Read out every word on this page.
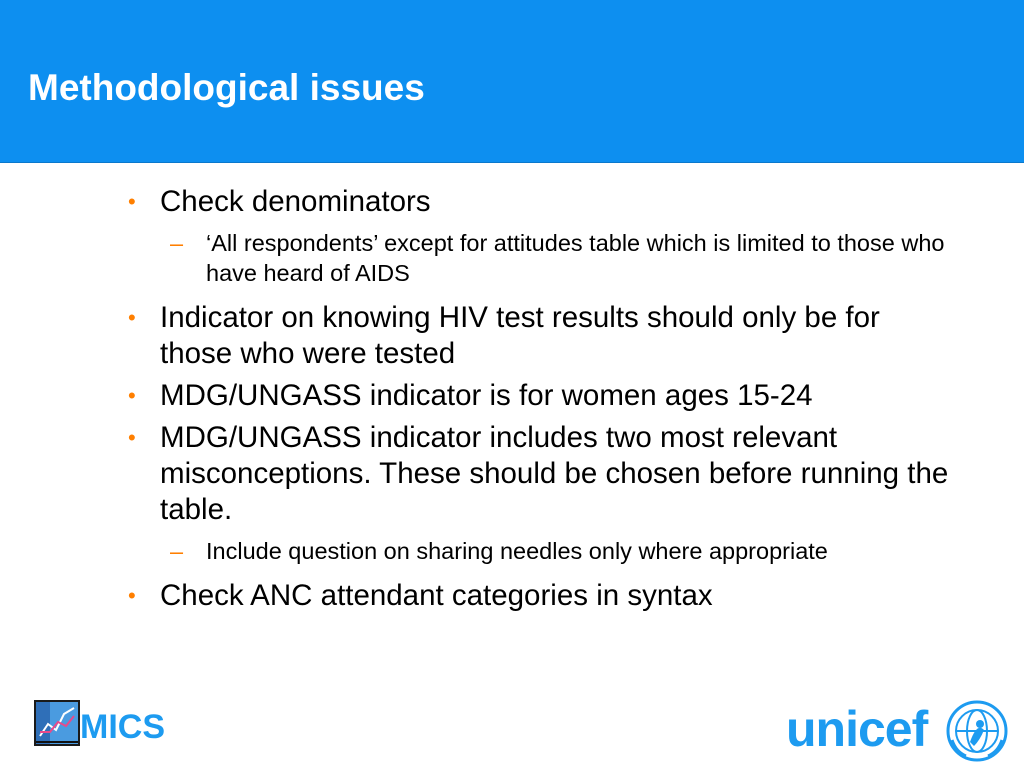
Methodological issues
• Check denominators
– ‘All respondents’ except for attitudes table which is limited to those who have heard of AIDS
• Indicator on knowing HIV test results should only be for those who were tested
• MDG/UNGASS indicator is for women ages 15-24
• MDG/UNGASS indicator includes two most relevant misconceptions. These should be chosen before running the table.
– Include question on sharing needles only where appropriate
• Check ANC attendant categories in syntax
MICS	unicef
